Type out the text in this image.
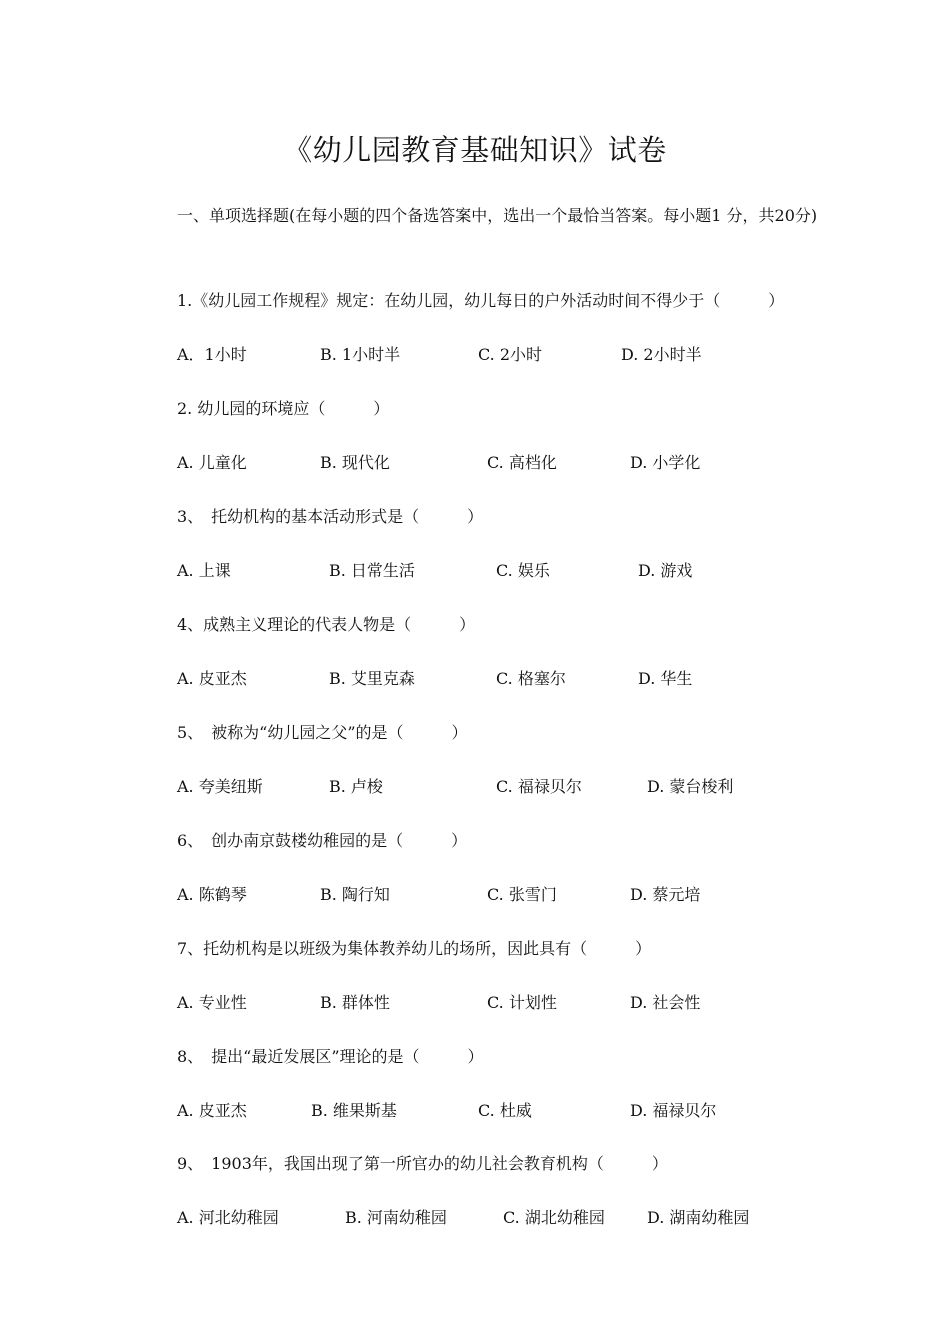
《幼儿园教育基础知识》试卷
一、单项选择题(在每小题的四个备选答案中，选出一个最恰当答案。每小题1 分，共20分)
1.《幼儿园工作规程》规定：在幼儿园，幼儿每日的户外活动时间不得少于（　　　）
A．1小时	B. 1小时半	C. 2小时	D. 2小时半
2. 幼儿园的环境应（　　　）
A. 儿童化	B. 现代化	C. 高档化	D. 小学化
3、　托幼机构的基本活动形式是（　　　）
A. 上课	B. 日常生活	C. 娱乐	D. 游戏
4、成熟主义理论的代表人物是（　　　）
A. 皮亚杰	B. 艾里克森	C. 格塞尔	D. 华生
5、　被称为“幼儿园之父”的是（　　　）
A. 夸美纽斯	B. 卢梭	C. 福禄贝尔	D. 蒙台梭利
6、　创办南京鼓楼幼稚园的是（　　　）
A. 陈鹤琴	B. 陶行知	C. 张雪门	D. 蔡元培
7、托幼机构是以班级为集体教养幼儿的场所，因此具有（　　　）
A. 专业性	B. 群体性	C. 计划性	D. 社会性
8、　提出“最近发展区”理论的是（　　　）
A. 皮亚杰	B. 维果斯基	C. 杜威	D. 福禄贝尔
9、　1903年，我国出现了第一所官办的幼儿社会教育机构（　　　）
A. 河北幼稚园	B. 河南幼稚园	C. 湖北幼稚园	D. 湖南幼稚园
